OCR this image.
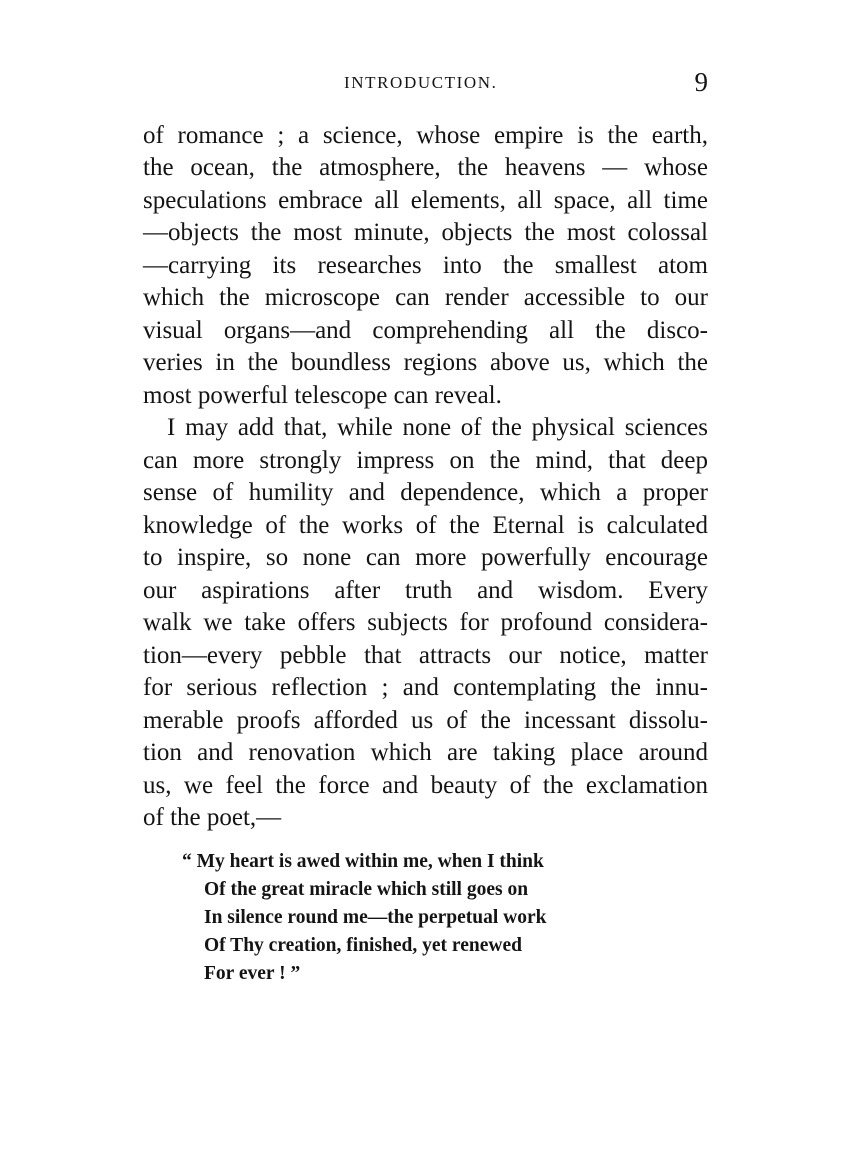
INTRODUCTION.	9
of romance ; a science, whose empire is the earth,
the ocean, the atmosphere, the heavens — whose
speculations embrace all elements, all space, all time
—objects the most minute, objects the most colossal
—carrying its researches into the smallest atom
which the microscope can render accessible to our
visual organs—and comprehending all the disco-
veries in the boundless regions above us, which the
most powerful telescope can reveal.
I may add that, while none of the physical sciences
can more strongly impress on the mind, that deep
sense of humility and dependence, which a proper
knowledge of the works of the Eternal is calculated
to inspire, so none can more powerfully encourage
our aspirations after truth and wisdom. Every
walk we take offers subjects for profound considera-
tion—every pebble that attracts our notice, matter
for serious reflection ; and contemplating the innu-
merable proofs afforded us of the incessant dissolu-
tion and renovation which are taking place around
us, we feel the force and beauty of the exclamation
of the poet,—
“ My heart is awed within me, when I think
Of the great miracle which still goes on
In silence round me—the perpetual work
Of Thy creation, finished, yet renewed
For ever ! ”
